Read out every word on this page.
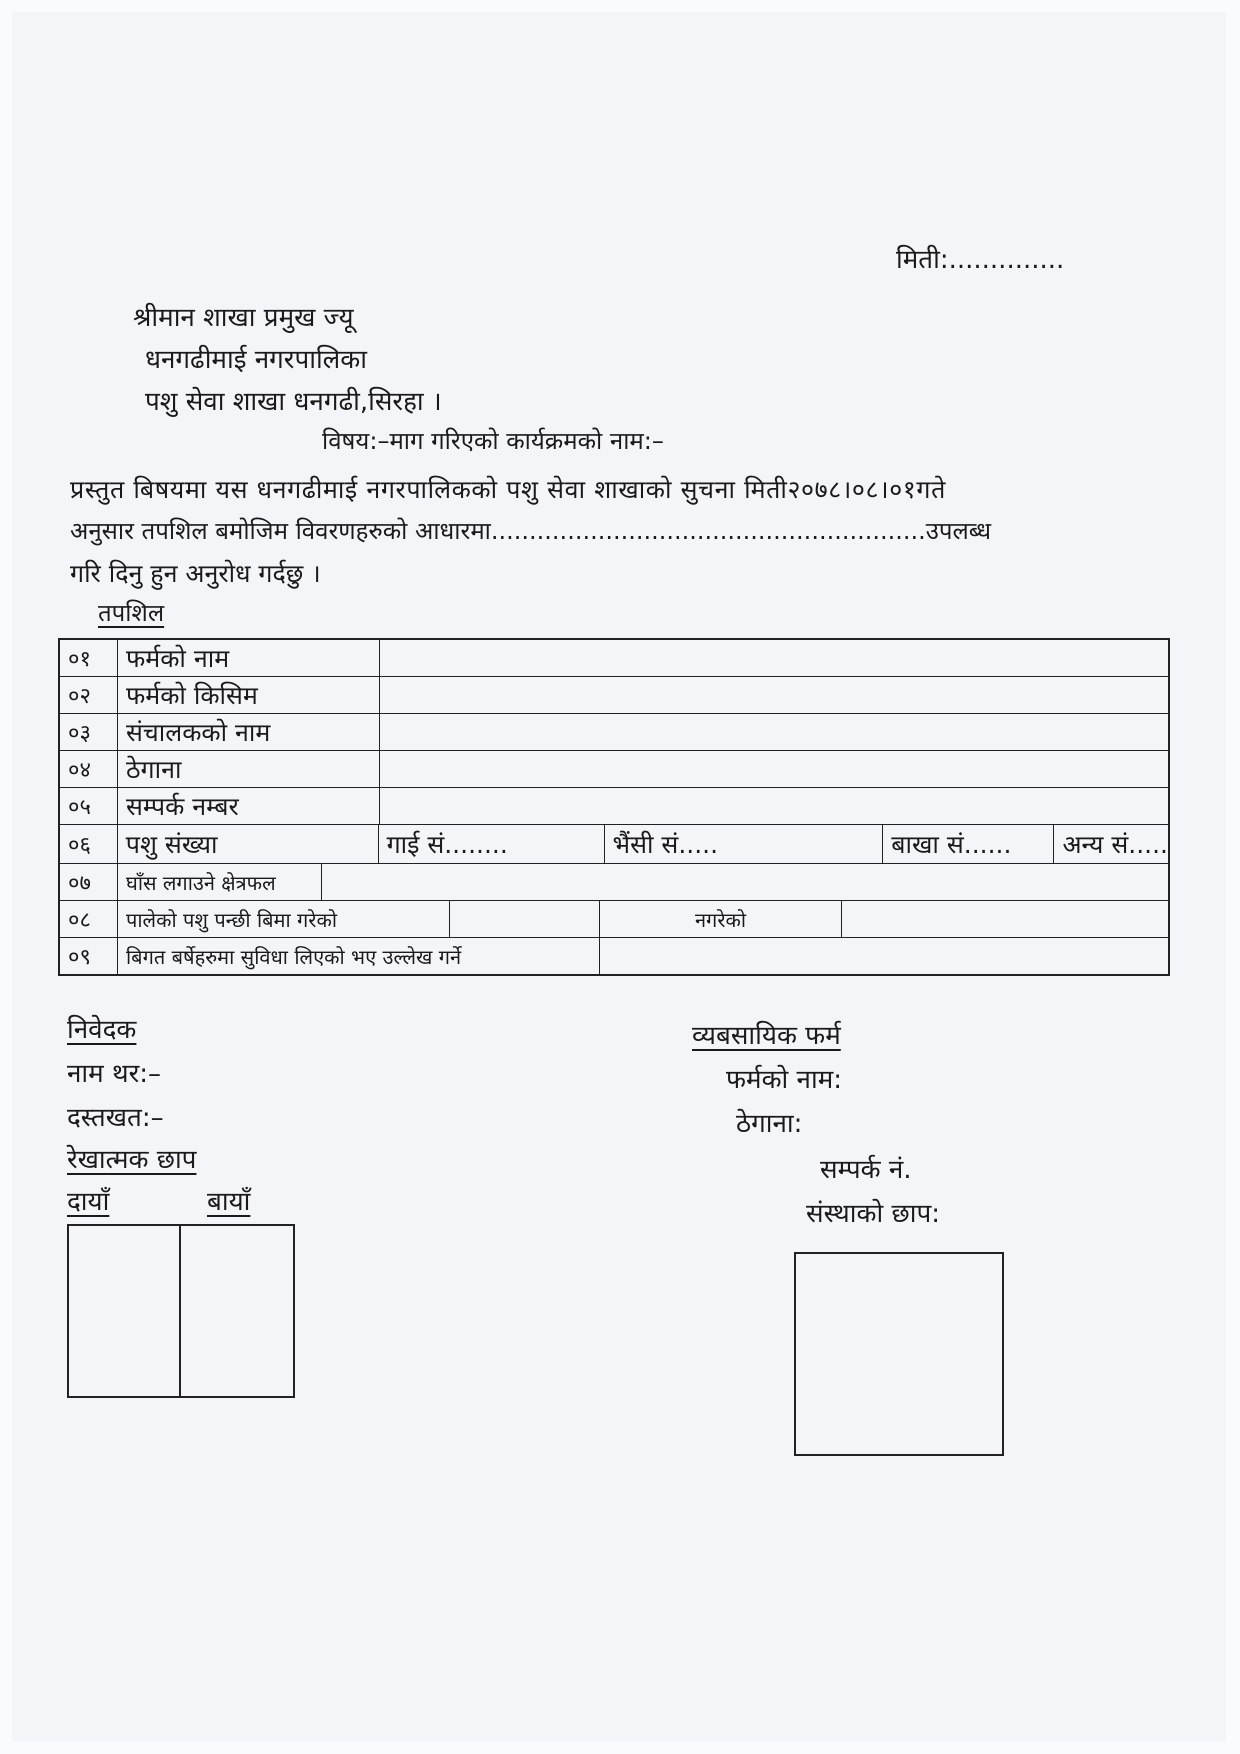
मिती:..............
श्रीमान शाखा प्रमुख ज्यू
धनगढीमाई नगरपालिका
पशु सेवा शाखा धनगढी,सिरहा ।
विषय:–माग गरिएको कार्यक्रमको नाम:–
प्रस्तुत बिषयमा यस धनगढीमाई नगरपालिकको पशु सेवा शाखाको सुचना मिती२०७८।०८।०१गते
अनुसार तपशिल बमोजिम विवरणहरुको आधारमा.........................................................उपलब्ध
गरि दिनु हुन अनुरोध गर्दछु ।
तपशिल
०१	फर्मको नाम
०२	फर्मको किसिम
०३	संचालकको नाम
०४	ठेगाना
०५	सम्पर्क नम्बर
०६	पशु संख्या	गाई सं........	भैंसी सं.....	बाखा सं......	अन्य सं.....
०७	घाँस लगाउने क्षेत्रफल
०८	पालेको पशु पन्छी बिमा गरेको	नगरेको
०९	बिगत बर्षेहरुमा सुविधा लिएको भए उल्लेख गर्ने
निवेदक
नाम थर:–
दस्तखत:–
रेखात्मक छाप
दायाँ	बायाँ
व्यबसायिक फर्म
फर्मको नाम:
ठेगाना:
सम्पर्क नं.
संस्थाको छाप:
